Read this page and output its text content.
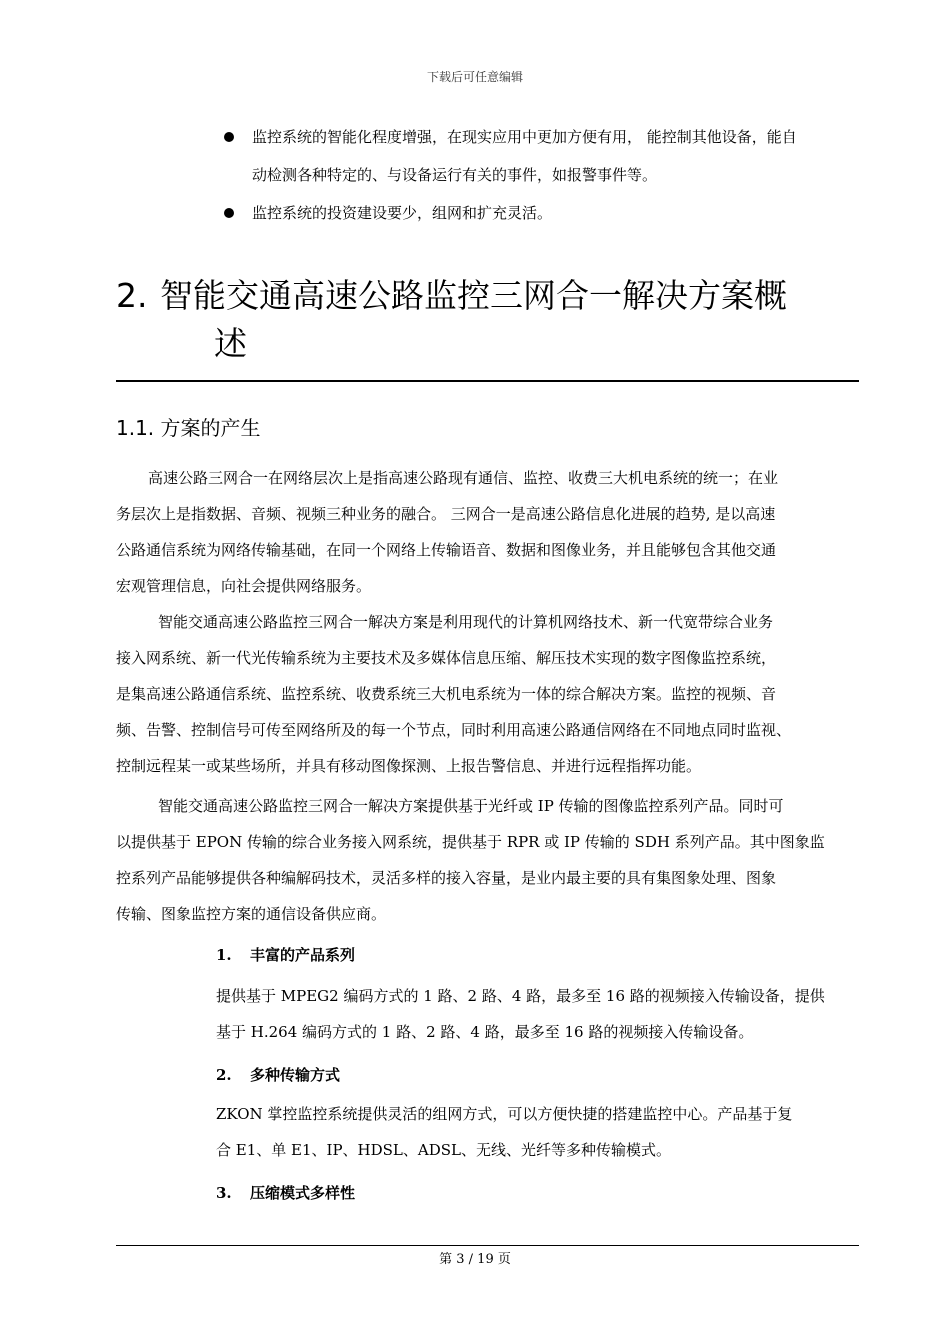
下载后可任意编辑
监控系统的智能化程度增强，在现实应用中更加方便有用， 能控制其他设备，能自
动检测各种特定的、与设备运行有关的事件，如报警事件等。
监控系统的投资建设要少，组网和扩充灵活。
2. 智能交通高速公路监控三网合一解决方案概
述
1.1. 方案的产生
高速公路三网合一在网络层次上是指高速公路现有通信、监控、收费三大机电系统的统一；在业
务层次上是指数据、音频、视频三种业务的融合。 三网合一是高速公路信息化进展的趋势, 是以高速
公路通信系统为网络传输基础，在同一个网络上传输语音、数据和图像业务，并且能够包含其他交通
宏观管理信息，向社会提供网络服务。
智能交通高速公路监控三网合一解决方案是利用现代的计算机网络技术、新一代宽带综合业务
接入网系统、新一代光传输系统为主要技术及多媒体信息压缩、解压技术实现的数字图像监控系统，
是集高速公路通信系统、监控系统、收费系统三大机电系统为一体的综合解决方案。监控的视频、音
频、告警、控制信号可传至网络所及的每一个节点，同时利用高速公路通信网络在不同地点同时监视、
控制远程某一或某些场所，并具有移动图像探测、上报告警信息、并进行远程指挥功能。
智能交通高速公路监控三网合一解决方案提供基于光纤或 IP 传输的图像监控系列产品。同时可
以提供基于 EPON 传输的综合业务接入网系统，提供基于 RPR 或 IP 传输的 SDH 系列产品。其中图象监
控系列产品能够提供各种编解码技术，灵活多样的接入容量，是业内最主要的具有集图象处理、图象
传输、图象监控方案的通信设备供应商。
1. 丰富的产品系列
提供基于 MPEG2 编码方式的 1 路、2 路、4 路，最多至 16 路的视频接入传输设备，提供
基于 H.264 编码方式的 1 路、2 路、4 路，最多至 16 路的视频接入传输设备。
2. 多种传输方式
ZKON 掌控监控系统提供灵活的组网方式，可以方便快捷的搭建监控中心。产品基于复
合 E1、单 E1、IP、HDSL、ADSL、无线、光纤等多种传输模式。
3. 压缩模式多样性
第 3 / 19 页
